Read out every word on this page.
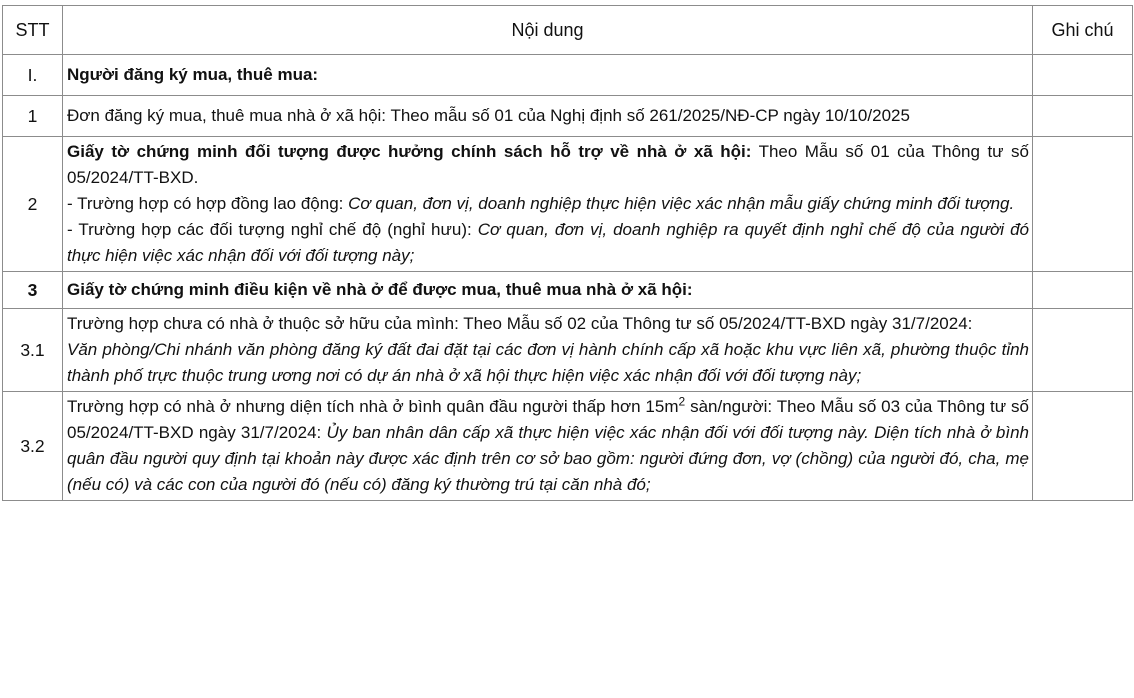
STT	Nội dung	Ghi chú
I.	Người đăng ký mua, thuê mua:	
1	Đơn đăng ký mua, thuê mua nhà ở xã hội: Theo mẫu số 01 của Nghị định số 261/2025/NĐ-CP ngày 10/10/2025	
2	Giấy tờ chứng minh đối tượng được hưởng chính sách hỗ trợ về nhà ở xã hội: Theo Mẫu số 01 của Thông tư số 05/2024/TT-BXD.
- Trường hợp có hợp đồng lao động: Cơ quan, đơn vị, doanh nghiệp thực hiện việc xác nhận mẫu giấy chứng minh đối tượng.
- Trường hợp các đối tượng nghỉ chế độ (nghỉ hưu): Cơ quan, đơn vị, doanh nghiệp ra quyết định nghỉ chế độ của người đó thực hiện việc xác nhận đối với đối tượng này;	

3	Giấy tờ chứng minh điều kiện về nhà ở để được mua, thuê mua nhà ở xã hội:	
3.1	Trường hợp chưa có nhà ở thuộc sở hữu của mình: Theo Mẫu số 02 của Thông tư số 05/2024/TT-BXD ngày 31/7/2024:
Văn phòng/Chi nhánh văn phòng đăng ký đất đai đặt tại các đơn vị hành chính cấp xã hoặc khu vực liên xã, phường thuộc tỉnh thành phố trực thuộc trung ương nơi có dự án nhà ở xã hội thực hiện việc xác nhận đối với đối tượng này;	

3.2	Trường hợp có nhà ở nhưng diện tích nhà ở bình quân đầu người thấp hơn $15m^2$ sàn/người: Theo Mẫu số 03 của Thông tư số 05/2024/TT-BXD ngày 31/7/2024: Ủy ban nhân dân cấp xã thực hiện việc xác nhận đối với đối tượng này. Diện tích nhà ở bình quân đầu người quy định tại khoản này được xác định trên cơ sở bao gồm: người đứng đơn, vợ (chồng) của người đó, cha, mẹ (nếu có) và các con của người đó (nếu có) đăng ký thường trú tại căn nhà đó;	
